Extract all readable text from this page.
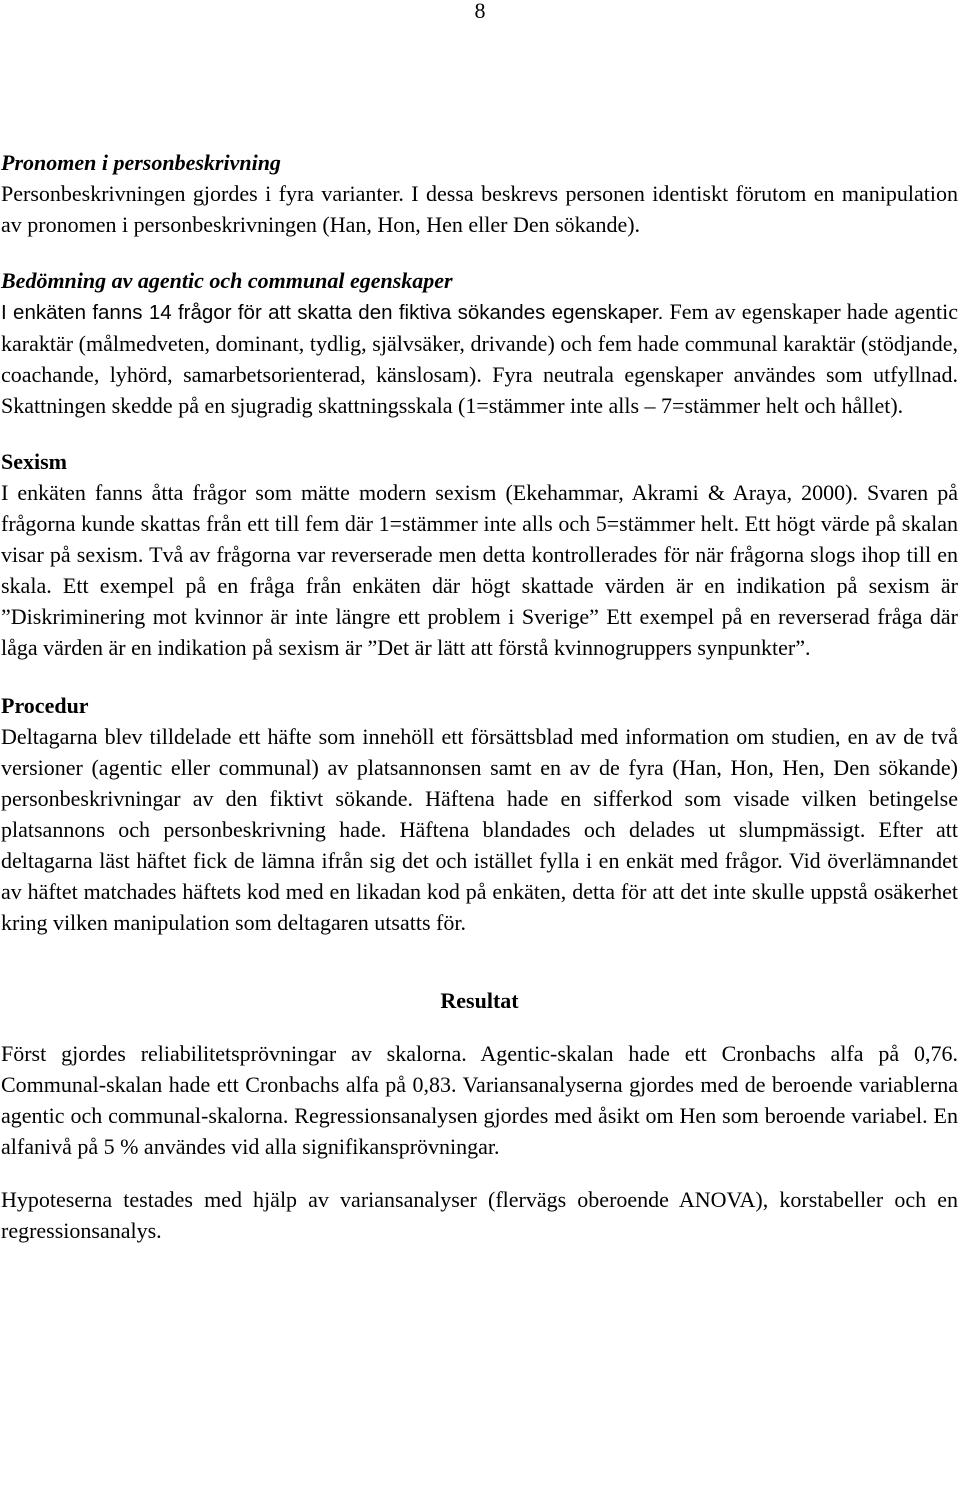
8
Pronomen i personbeskrivning

Personbeskrivningen gjordes i fyra varianter. I dessa beskrevs personen identiskt förutom en manipulation av pronomen i personbeskrivningen (Han, Hon, Hen eller Den sökande).

Bedömning av agentic och communal egenskaper

I enkäten fanns 14 frågor för att skatta den fiktiva sökandes egenskaper. Fem av egenskaper hade agentic karaktär (målmedveten, dominant, tydlig, självsäker, drivande) och fem hade communal karaktär (stödjande, coachande, lyhörd, samarbetsorienterad, känslosam). Fyra neutrala egenskaper användes som utfyllnad. Skattningen skedde på en sjugradig skattningsskala (1=stämmer inte alls – 7=stämmer helt och hållet).

Sexism

I enkäten fanns åtta frågor som mätte modern sexism (Ekehammar, Akrami & Araya, 2000). Svaren på frågorna kunde skattas från ett till fem där 1=stämmer inte alls och 5=stämmer helt. Ett högt värde på skalan visar på sexism. Två av frågorna var reverserade men detta kontrollerades för när frågorna slogs ihop till en skala. Ett exempel på en fråga från enkäten där högt skattade värden är en indikation på sexism är ”Diskriminering mot kvinnor är inte längre ett problem i Sverige” Ett exempel på en reverserad fråga där låga värden är en indikation på sexism är ”Det är lätt att förstå kvinnogruppers synpunkter”.

Procedur

Deltagarna blev tilldelade ett häfte som innehöll ett försättsblad med information om studien, en av de två versioner (agentic eller communal) av platsannonsen samt en av de fyra (Han, Hon, Hen, Den sökande) personbeskrivningar av den fiktivt sökande. Häftena hade en sifferkod som visade vilken betingelse platsannons och personbeskrivning hade. Häftena blandades och delades ut slumpmässigt. Efter att deltagarna läst häftet fick de lämna ifrån sig det och istället fylla i en enkät med frågor. Vid överlämnandet av häftet matchades häftets kod med en likadan kod på enkäten, detta för att det inte skulle uppstå osäkerhet kring vilken manipulation som deltagaren utsatts för.

Resultat

Först gjordes reliabilitetsprövningar av skalorna. Agentic-skalan hade ett Cronbachs alfa på 0,76. Communal-skalan hade ett Cronbachs alfa på 0,83. Variansanalyserna gjordes med de beroende variablerna agentic och communal-skalorna. Regressionsanalysen gjordes med åsikt om Hen som beroende variabel. En alfanivå på 5 % användes vid alla signifikansprövningar.

Hypoteserna testades med hjälp av variansanalyser (flervägs oberoende ANOVA), korstabeller och en regressionsanalys.
